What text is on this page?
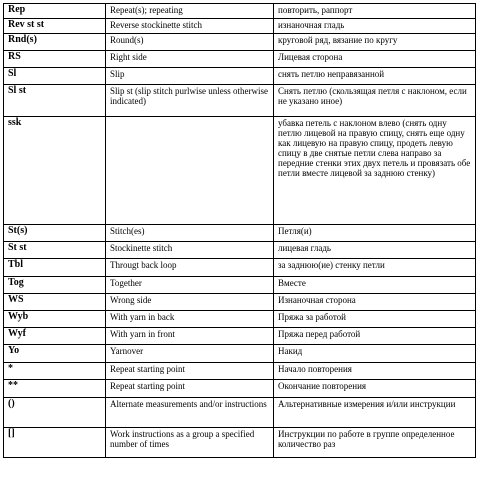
Rep	Repeat(s); repeating	повторить, раппорт
Rev st st	Reverse stockinette stitch	изнаночная гладь
Rnd(s)	Round(s)	круговой ряд, вязание по кругу
RS	Right side	Лицевая сторона
Sl	Slip	снять петлю неправязанной
Sl st	Slip st (slip stitch purlwise unless otherwise indicated)	Снять петлю (скользящая петля с наклоном, если не указано иное)
ssk		убавка петель с наклоном влево (снять одну петлю лицевой на правую спицу, снять еще одну как лицевую на правую спицу, продеть левую спицу в две снятые петли слева направо за передние стенки этих двух петель и провязать обе петли вместе лицевой за заднюю стенку)
St(s)	Stitch(es)	Петля(и)
St st	Stockinette stitch	лицевая гладь
Tbl	Througt back loop	за заднюю(ие) стенку петли
Tog	Together	Вместе
WS	Wrong side	Изнаночная сторона
Wyb	With yarn in back	Пряжа за работой
Wyf	With yarn in front	Пряжа перед работой
Yo	Yarnover	Накид
*	Repeat starting point	Начало повторения
**	Repeat starting point	Окончание повторения
()	Alternate measurements and/or instructions	Альтернативные измерения и/или инструкции
[]	Work instructions as a group a specified number of times	Инструкции по работе в группе определенное количество раз
